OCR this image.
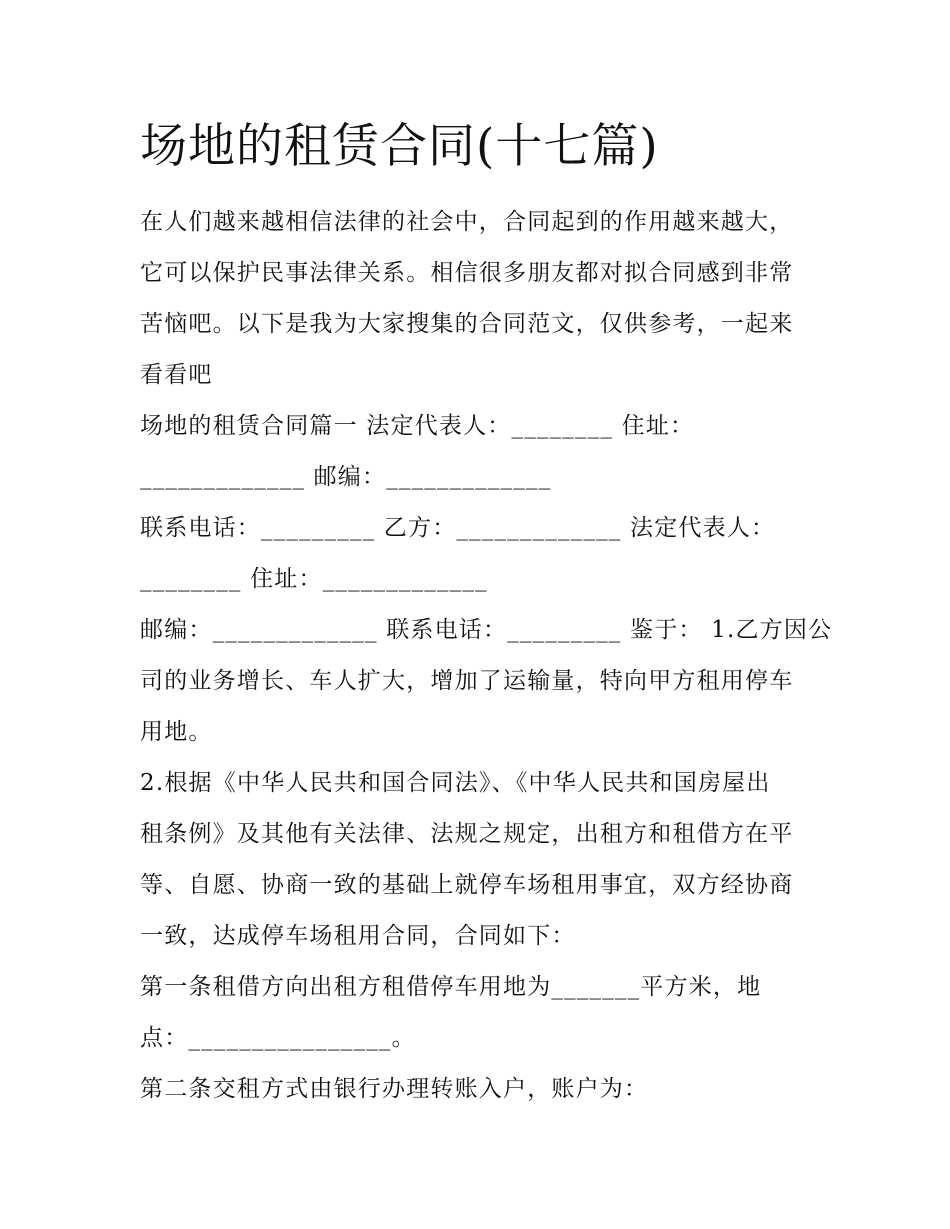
场地的租赁合同(十七篇)

在人们越来越相信法律的社会中，合同起到的作用越来越大，

它可以保护民事法律关系。相信很多朋友都对拟合同感到非常

苦恼吧。以下是我为大家搜集的合同范文，仅供参考，一起来

看看吧

场地的租赁合同篇一 法定代表人：________ 住址：

_____________ 邮编：_____________

联系电话：_________ 乙方：_____________ 法定代表人：

________ 住址：_____________

邮编：_____________ 联系电话：_________ 鉴于： 1.乙方因公

司的业务增长、车人扩大，增加了运输量，特向甲方租用停车

用地。

2.根据《中华人民共和国合同法》、《中华人民共和国房屋出

租条例》及其他有关法律、法规之规定，出租方和租借方在平

等、自愿、协商一致的基础上就停车场租用事宜，双方经协商

一致，达成停车场租用合同，合同如下：

第一条租借方向出租方租借停车用地为_______平方米，地

点：________________。

第二条交租方式由银行办理转账入户，账户为：
